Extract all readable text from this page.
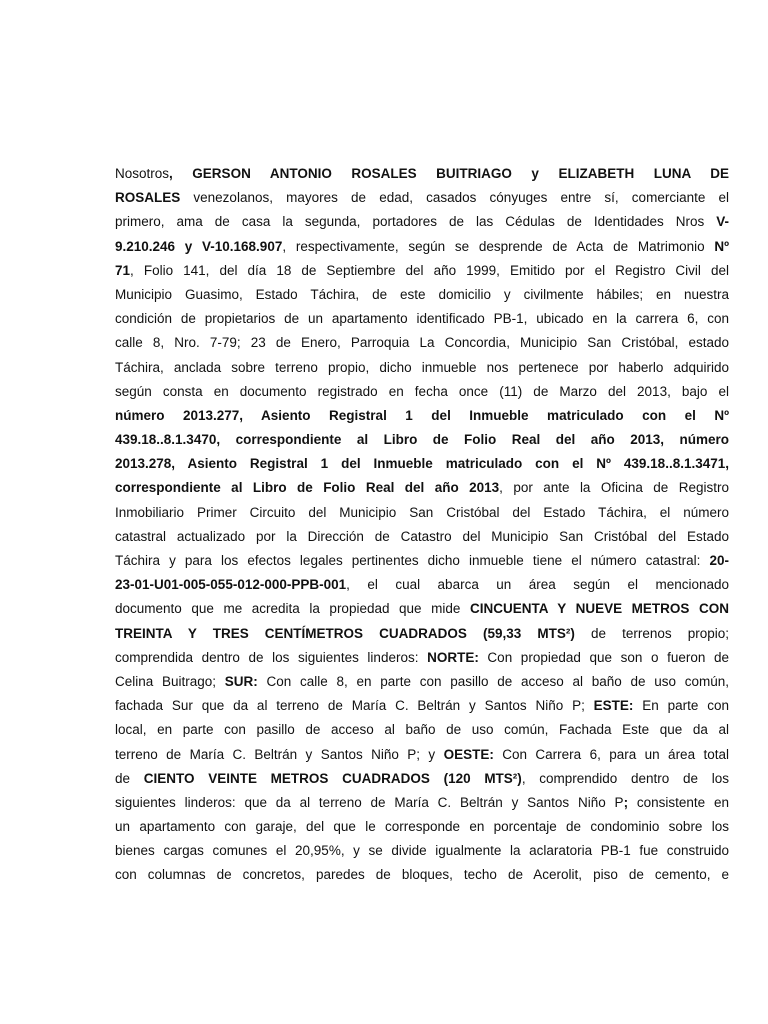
Nosotros, GERSON ANTONIO ROSALES BUITRIAGO y ELIZABETH LUNA DE
ROSALES venezolanos, mayores de edad, casados cónyuges entre sí, comerciante el
primero, ama de casa la segunda, portadores de las Cédulas de Identidades Nros V-
9.210.246 y V-10.168.907, respectivamente, según se desprende de Acta de Matrimonio Nº
71, Folio 141, del día 18 de Septiembre del año 1999, Emitido por el Registro Civil del
Municipio Guasimo, Estado Táchira, de este domicilio y civilmente hábiles; en nuestra
condición de propietarios de un apartamento identificado PB-1, ubicado en la carrera 6, con
calle 8, Nro. 7-79; 23 de Enero, Parroquia La Concordia, Municipio San Cristóbal, estado
Táchira, anclada sobre terreno propio, dicho inmueble nos pertenece por haberlo adquirido
según consta en documento registrado en fecha once (11) de Marzo del 2013, bajo el
número 2013.277, Asiento Registral 1 del Inmueble matriculado con el Nº
439.18..8.1.3470, correspondiente al Libro de Folio Real del año 2013, número
2013.278, Asiento Registral 1 del Inmueble matriculado con el Nº 439.18..8.1.3471,
correspondiente al Libro de Folio Real del año 2013, por ante la Oficina de Registro
Inmobiliario Primer Circuito del Municipio San Cristóbal del Estado Táchira, el número
catastral actualizado por la Dirección de Catastro del Municipio San Cristóbal del Estado
Táchira y para los efectos legales pertinentes dicho inmueble tiene el número catastral: 20-
23-01-U01-005-055-012-000-PPB-001, el cual abarca un área según el mencionado
documento que me acredita la propiedad que mide CINCUENTA Y NUEVE METROS CON
TREINTA Y TRES CENTÍMETROS CUADRADOS (59,33 MTS²) de terrenos propio;
comprendida dentro de los siguientes linderos: NORTE: Con propiedad que son o fueron de
Celina Buitrago; SUR: Con calle 8, en parte con pasillo de acceso al baño de uso común,
fachada Sur que da al terreno de María C. Beltrán y Santos Niño P; ESTE: En parte con
local, en parte con pasillo de acceso al baño de uso común, Fachada Este que da al
terreno de María C. Beltrán y Santos Niño P; y OESTE: Con Carrera 6, para un área total
de CIENTO VEINTE METROS CUADRADOS (120 MTS²), comprendido dentro de los
siguientes linderos: que da al terreno de María C. Beltrán y Santos Niño P; consistente en
un apartamento con garaje, del que le corresponde en porcentaje de condominio sobre los
bienes cargas comunes el 20,95%, y se divide igualmente la aclaratoria PB-1 fue construido
con columnas de concretos, paredes de bloques, techo de Acerolit, piso de cemento, e
